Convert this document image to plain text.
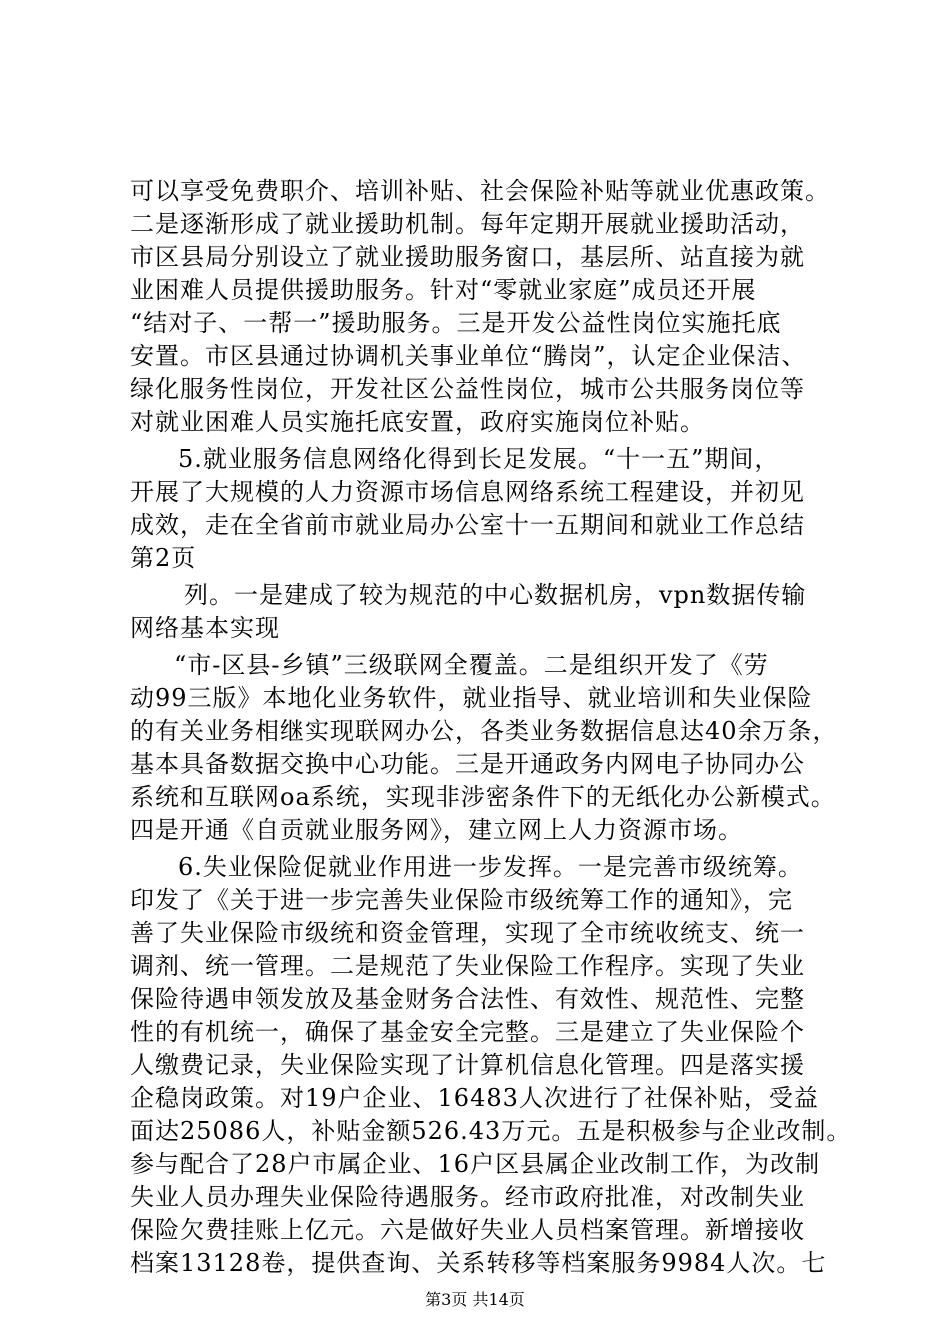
可以享受免费职介、培训补贴、社会保险补贴等就业优惠政策。
二是逐渐形成了就业援助机制。每年定期开展就业援助活动，
市区县局分别设立了就业援助服务窗口，基层所、站直接为就
业困难人员提供援助服务。针对“零就业家庭”成员还开展
“结对子、一帮一”援助服务。三是开发公益性岗位实施托底
安置。市区县通过协调机关事业单位“腾岗”，认定企业保洁、
绿化服务性岗位，开发社区公益性岗位，城市公共服务岗位等
对就业困难人员实施托底安置，政府实施岗位补贴。
5.就业服务信息网络化得到长足发展。“十一五”期间，
开展了大规模的人力资源市场信息网络系统工程建设，并初见
成效，走在全省前市就业局办公室十一五期间和就业工作总结
第2页
列。一是建成了较为规范的中心数据机房，vpn数据传输
网络基本实现
“市-区县-乡镇”三级联网全覆盖。二是组织开发了《劳
动99三版》本地化业务软件，就业指导、就业培训和失业保险
的有关业务相继实现联网办公，各类业务数据信息达40余万条，
基本具备数据交换中心功能。三是开通政务内网电子协同办公
系统和互联网oa系统，实现非涉密条件下的无纸化办公新模式。
四是开通《自贡就业服务网》，建立网上人力资源市场。
6.失业保险促就业作用进一步发挥。一是完善市级统筹。
印发了《关于进一步完善失业保险市级统筹工作的通知》，完
善了失业保险市级统和资金管理，实现了全市统收统支、统一
调剂、统一管理。二是规范了失业保险工作程序。实现了失业
保险待遇申领发放及基金财务合法性、有效性、规范性、完整
性的有机统一，确保了基金安全完整。三是建立了失业保险个
人缴费记录，失业保险实现了计算机信息化管理。四是落实援
企稳岗政策。对19户企业、16483人次进行了社保补贴，受益
面达25086人，补贴金额526.43万元。五是积极参与企业改制。
参与配合了28户市属企业、16户区县属企业改制工作，为改制
失业人员办理失业保险待遇服务。经市政府批准，对改制失业
保险欠费挂账上亿元。六是做好失业人员档案管理。新增接收
档案13128卷，提供查询、关系转移等档案服务9984人次。七
第3页 共14页
